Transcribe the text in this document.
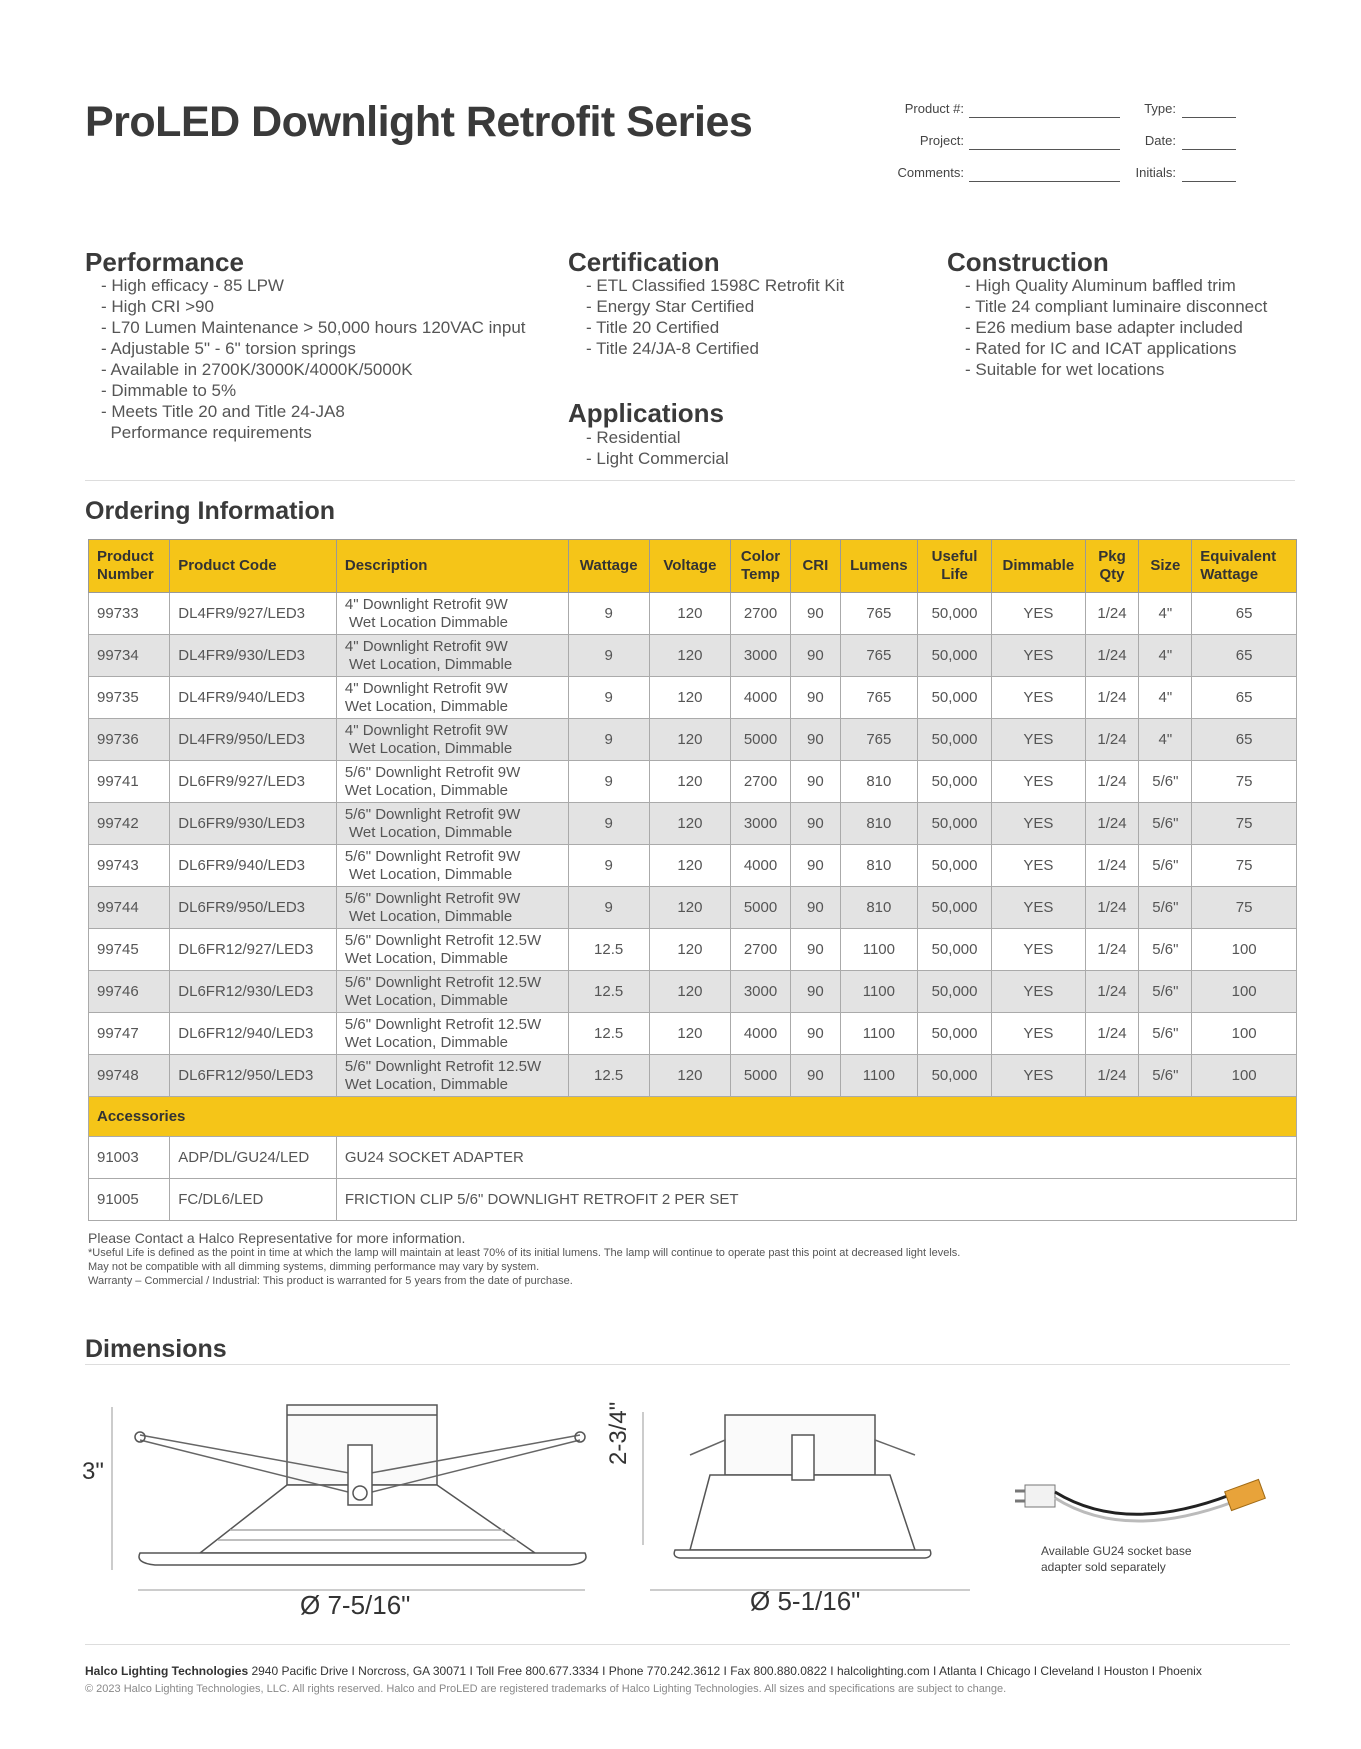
ProLED Downlight Retrofit Series	Product #:	Type:
Project:	Date:
Comments:	Initials:
Performance
- High efficacy - 85 LPW
- High CRI >90
- L70 Lumen Maintenance > 50,000 hours 120VAC input
- Adjustable 5" - 6" torsion springs
- Available in 2700K/3000K/4000K/5000K
- Dimmable to 5%
- Meets Title 20 and Title 24-JA8
Performance requirements
Certification
- ETL Classified 1598C Retrofit Kit
- Energy Star Certified
- Title 20 Certified
- Title 24/JA-8 Certified
Applications
- Residential
- Light Commercial
Construction
- High Quality Aluminum baffled trim
- Title 24 compliant luminaire disconnect
- E26 medium base adapter included
- Rated for IC and ICAT applications
- Suitable for wet locations
Ordering Information
Product Number	Product Code	Description	Wattage	Voltage	Color Temp	CRI	Lumens	Useful Life	Dimmable	Pkg Qty	Size	Equivalent Wattage
99733	DL4FR9/927/LED3	4" Downlight Retrofit 9W
Wet Location Dimmable	9	120	2700	90	765	50,000	YES	1/24	4"	65
99734	DL4FR9/930/LED3	4" Downlight Retrofit 9W
Wet Location, Dimmable	9	120	3000	90	765	50,000	YES	1/24	4"	65
99735	DL4FR9/940/LED3	4" Downlight Retrofit 9W
Wet Location, Dimmable	9	120	4000	90	765	50,000	YES	1/24	4"	65
99736	DL4FR9/950/LED3	4" Downlight Retrofit 9W
Wet Location, Dimmable	9	120	5000	90	765	50,000	YES	1/24	4"	65
99741	DL6FR9/927/LED3	5/6" Downlight Retrofit 9W
Wet Location, Dimmable	9	120	2700	90	810	50,000	YES	1/24	5/6"	75
99742	DL6FR9/930/LED3	5/6" Downlight Retrofit 9W
Wet Location, Dimmable	9	120	3000	90	810	50,000	YES	1/24	5/6"	75
99743	DL6FR9/940/LED3	5/6" Downlight Retrofit 9W
Wet Location, Dimmable	9	120	4000	90	810	50,000	YES	1/24	5/6"	75
99744	DL6FR9/950/LED3	5/6" Downlight Retrofit 9W
Wet Location, Dimmable	9	120	5000	90	810	50,000	YES	1/24	5/6"	75
99745	DL6FR12/927/LED3	5/6" Downlight Retrofit 12.5W
Wet Location, Dimmable	12.5	120	2700	90	1100	50,000	YES	1/24	5/6"	100
99746	DL6FR12/930/LED3	5/6" Downlight Retrofit 12.5W
Wet Location, Dimmable	12.5	120	3000	90	1100	50,000	YES	1/24	5/6"	100
99747	DL6FR12/940/LED3	5/6" Downlight Retrofit 12.5W
Wet Location, Dimmable	12.5	120	4000	90	1100	50,000	YES	1/24	5/6"	100
99748	DL6FR12/950/LED3	5/6" Downlight Retrofit 12.5W
Wet Location, Dimmable	12.5	120	5000	90	1100	50,000	YES	1/24	5/6"	100
Accessories												
91003	ADP/DL/GU24/LED	GU24 SOCKET ADAPTER										
91005	FC/DL6/LED	FRICTION CLIP 5/6" DOWNLIGHT RETROFIT 2 PER SET										
Please Contact a Halco Representative for more information.
*Useful Life is defined as the point in time at which the lamp will maintain at least 70% of its initial lumens. The lamp will continue to operate past this point at decreased light levels.
May not be compatible with all dimming systems, dimming performance may vary by system.
Warranty – Commercial / Industrial: This product is warranted for 5 years from the date of purchase.
Dimensions
3"
Ø 7-5/16"
2-3/4"
Ø 5-1/16"
Available GU24 socket base adapter sold separately
Halco Lighting Technologies 2940 Pacific Drive I Norcross, GA 30071 I Toll Free 800.677.3334 I Phone 770.242.3612 I Fax 800.880.0822 I halcolighting.com I Atlanta I Chicago I Cleveland I Houston I Phoenix
© 2023 Halco Lighting Technologies, LLC. All rights reserved. Halco and ProLED are registered trademarks of Halco Lighting Technologies. All sizes and specifications are subject to change.
